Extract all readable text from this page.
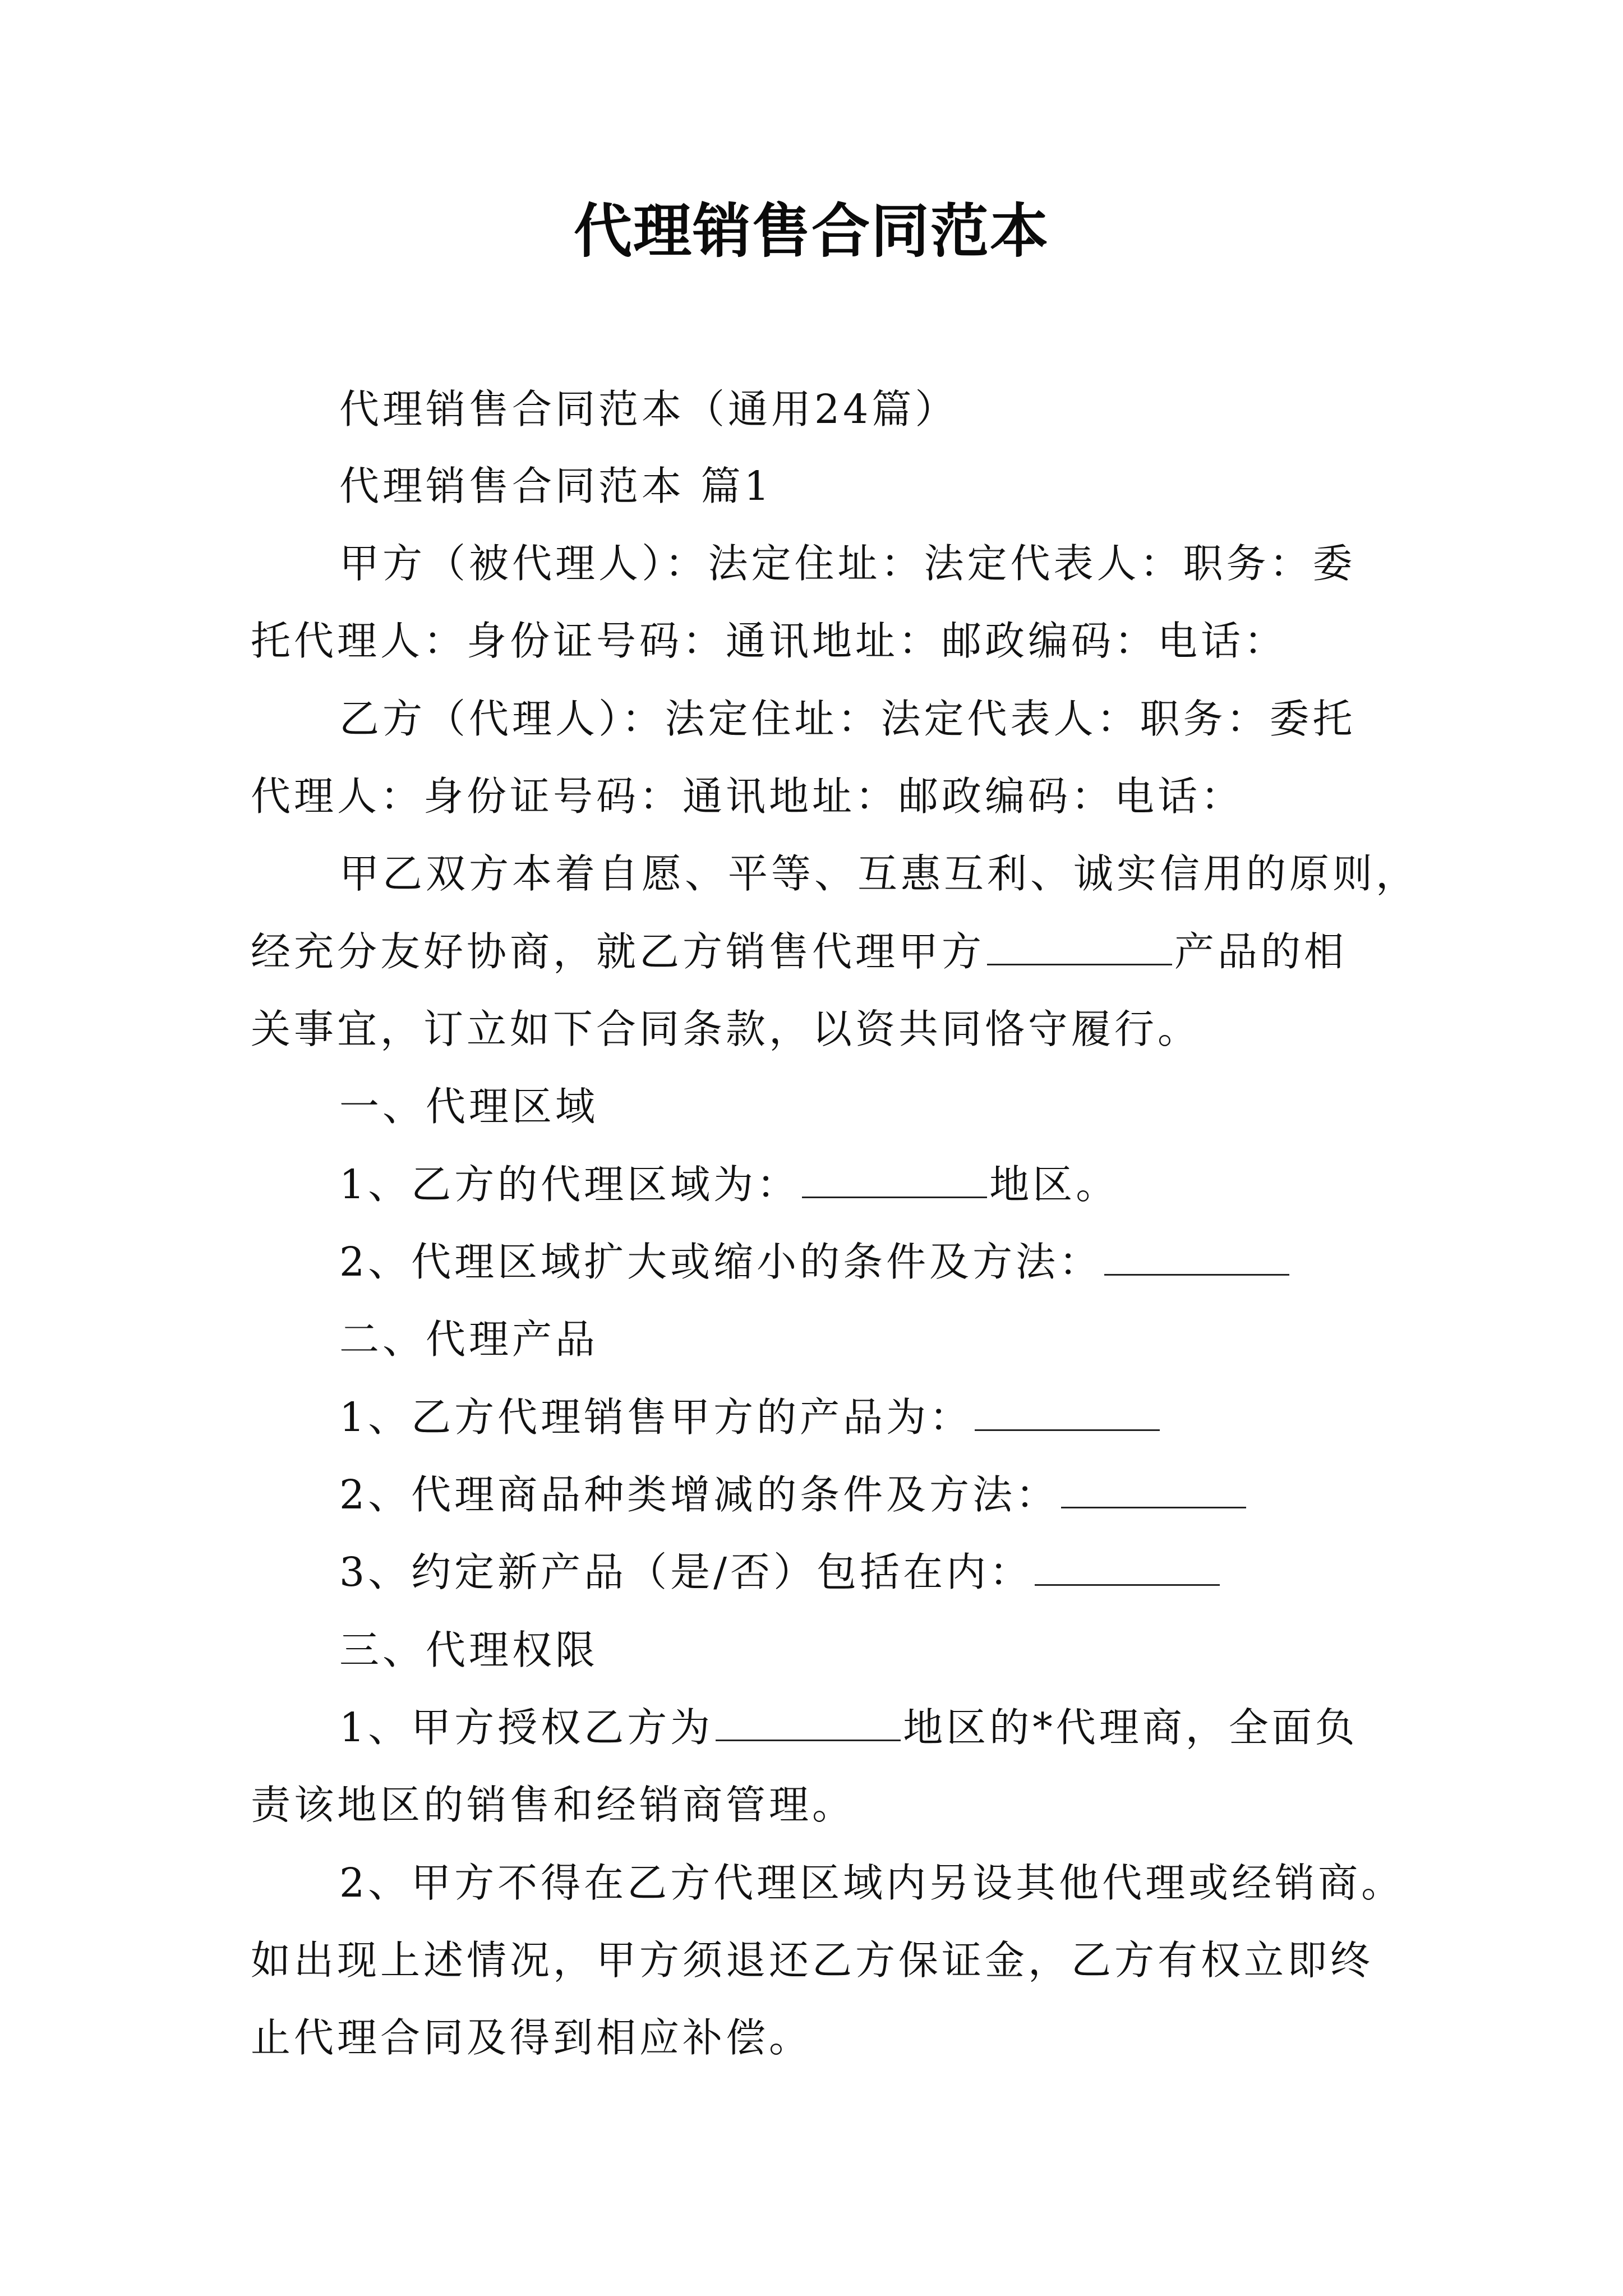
代理销售合同范本
代理销售合同范本（通用24篇）
代理销售合同范本 篇1
甲方（被代理人）：法定住址：法定代表人：职务：委
托代理人：身份证号码：通讯地址：邮政编码：电话：
乙方（代理人）：法定住址：法定代表人：职务：委托
代理人：身份证号码：通讯地址：邮政编码：电话：
甲乙双方本着自愿、平等、互惠互利、诚实信用的原则，
经充分友好协商，就乙方销售代理甲方	产品的相
关事宜，订立如下合同条款，以资共同恪守履行。
一、代理区域
1、乙方的代理区域为：	地区。
2、代理区域扩大或缩小的条件及方法：
二、代理产品
1、乙方代理销售甲方的产品为：
2、代理商品种类增减的条件及方法：
3、约定新产品（是/否）包括在内：
三、代理权限
1、甲方授权乙方为	地区的*代理商，全面负
责该地区的销售和经销商管理。
2、甲方不得在乙方代理区域内另设其他代理或经销商。
如出现上述情况，甲方须退还乙方保证金，乙方有权立即终
止代理合同及得到相应补偿。
